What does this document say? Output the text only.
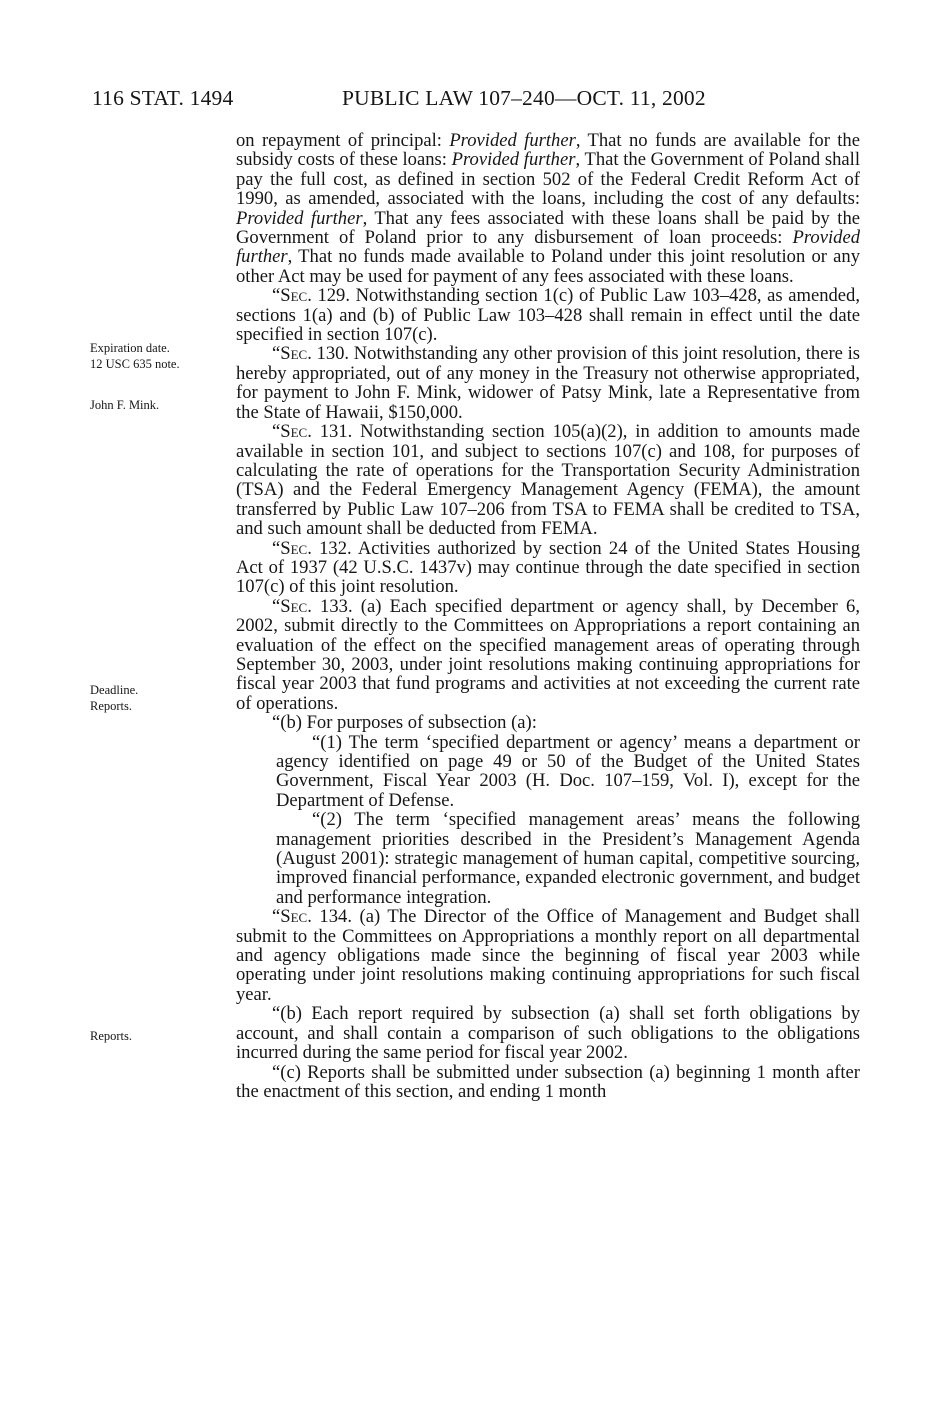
116 STAT. 1494	PUBLIC LAW 107–240—OCT. 11, 2002
Expiration date.
12 USC 635 note.
John F. Mink.
Deadline.
Reports.
Reports.

on repayment of principal: Provided further, That no funds are available for the subsidy costs of these loans: Provided further, That the Government of Poland shall pay the full cost, as defined in section 502 of the Federal Credit Reform Act of 1990, as amended, associated with the loans, including the cost of any defaults: Provided further, That any fees associated with these loans shall be paid by the Government of Poland prior to any disbursement of loan proceeds: Provided further, That no funds made available to Poland under this joint resolution or any other Act may be used for payment of any fees associated with these loans.

“Sec. 129. Notwithstanding section 1(c) of Public Law 103–428, as amended, sections 1(a) and (b) of Public Law 103–428 shall remain in effect until the date specified in section 107(c).

“Sec. 130. Notwithstanding any other provision of this joint resolution, there is hereby appropriated, out of any money in the Treasury not otherwise appropriated, for payment to John F. Mink, widower of Patsy Mink, late a Representative from the State of Hawaii, $150,000.

“Sec. 131. Notwithstanding section 105(a)(2), in addition to amounts made available in section 101, and subject to sections 107(c) and 108, for purposes of calculating the rate of operations for the Transportation Security Administration (TSA) and the Federal Emergency Management Agency (FEMA), the amount transferred by Public Law 107–206 from TSA to FEMA shall be credited to TSA, and such amount shall be deducted from FEMA.

“Sec. 132. Activities authorized by section 24 of the United States Housing Act of 1937 (42 U.S.C. 1437v) may continue through the date specified in section 107(c) of this joint resolution.

“Sec. 133. (a) Each specified department or agency shall, by December 6, 2002, submit directly to the Committees on Appropriations a report containing an evaluation of the effect on the specified management areas of operating through September 30, 2003, under joint resolutions making continuing appropriations for fiscal year 2003 that fund programs and activities at not exceeding the current rate of operations.

“(b) For purposes of subsection (a):

“(1) The term ‘specified department or agency’ means a department or agency identified on page 49 or 50 of the Budget of the United States Government, Fiscal Year 2003 (H. Doc. 107–159, Vol. I), except for the Department of Defense.

“(2) The term ‘specified management areas’ means the following management priorities described in the President’s Management Agenda (August 2001): strategic management of human capital, competitive sourcing, improved financial performance, expanded electronic government, and budget and performance integration.

“Sec. 134. (a) The Director of the Office of Management and Budget shall submit to the Committees on Appropriations a monthly report on all departmental and agency obligations made since the beginning of fiscal year 2003 while operating under joint resolutions making continuing appropriations for such fiscal year.

“(b) Each report required by subsection (a) shall set forth obligations by account, and shall contain a comparison of such obligations to the obligations incurred during the same period for fiscal year 2002.

“(c) Reports shall be submitted under subsection (a) beginning 1 month after the enactment of this section, and ending 1 month
